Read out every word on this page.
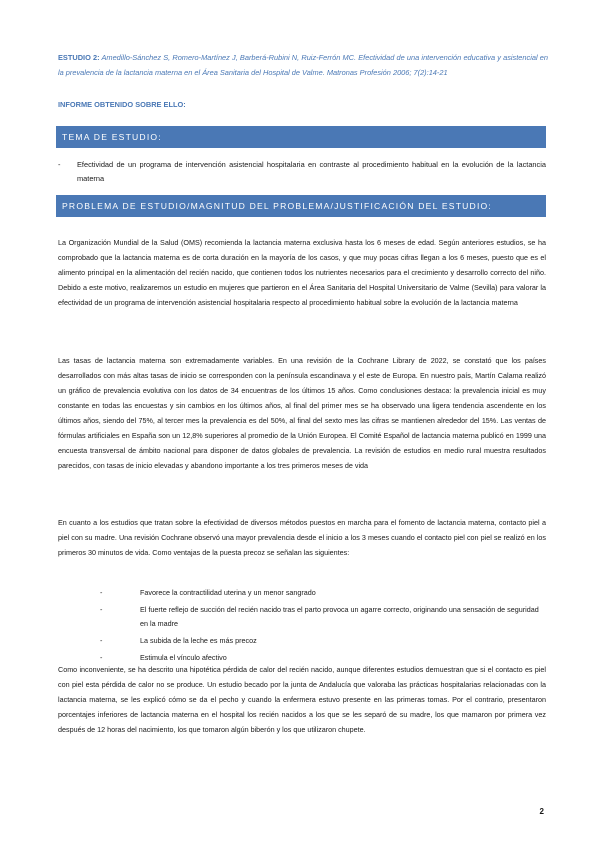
ESTUDIO 2: Amedillo-Sánchez S, Romero-Martínez J, Barberá-Rubini N, Ruiz-Ferrón MC. Efectividad de una intervención educativa y asistencial en la prevalencia de la lactancia materna en el Área Sanitaria del Hospital de Valme. Matronas Profesión 2006; 7(2):14-21
INFORME OBTENIDO SOBRE ELLO:
TEMA DE ESTUDIO:
- Efectividad de un programa de intervención asistencial hospitalaria en contraste al procedimiento habitual en la evolución de la lactancia materna
PROBLEMA DE ESTUDIO/MAGNITUD DEL PROBLEMA/JUSTIFICACIÓN DEL ESTUDIO:

La Organización Mundial de la Salud (OMS) recomienda la lactancia materna exclusiva hasta los 6 meses de edad. Según anteriores estudios, se ha comprobado que la lactancia materna es de corta duración en la mayoría de los casos, y que muy pocas cifras llegan a los 6 meses, puesto que es el alimento principal en la alimentación del recién nacido, que contienen todos los nutrientes necesarios para el crecimiento y desarrollo correcto del niño. Debido a este motivo, realizaremos un estudio en mujeres que partieron en el Área Sanitaria del Hospital Universitario de Valme (Sevilla) para valorar la efectividad de un programa de intervención asistencial hospitalaria respecto al procedimiento habitual sobre la evolución de la lactancia materna

Las tasas de lactancia materna son extremadamente variables. En una revisión de la Cochrane Library de 2022, se constató que los países desarrollados con más altas tasas de inicio se corresponden con la península escandinava y el este de Europa. En nuestro país, Martín Calama realizó un gráfico de prevalencia evolutiva con los datos de 34 encuentras de los últimos 15 años. Como conclusiones destaca: la prevalencia inicial es muy constante en todas las encuestas y sin cambios en los últimos años, al final del primer mes se ha observado una ligera tendencia ascendente en los últimos años, siendo del 75%, al tercer mes la prevalencia es del 50%, al final del sexto mes las cifras se mantienen alrededor del 15%. Las ventas de fórmulas artificiales en España son un 12,8% superiores al promedio de la Unión Europea. El Comité Español de lactancia materna publicó en 1999 una encuesta transversal de ámbito nacional para disponer de datos globales de prevalencia. La revisión de estudios en medio rural muestra resultados parecidos, con tasas de inicio elevadas y abandono importante a los tres primeros meses de vida

En cuanto a los estudios que tratan sobre la efectividad de diversos métodos puestos en marcha para el fomento de lactancia materna, contacto piel a piel con su madre. Una revisión Cochrane observó una mayor prevalencia desde el inicio a los 3 meses cuando el contacto piel con piel se realizó en los primeros 30 minutos de vida. Como ventajas de la puesta precoz se señalan las siguientes:

-	Favorece la contractilidad uterina y un menor sangrado
-	El fuerte reflejo de succión del recién nacido tras el parto provoca un agarre correcto, originando una sensación de seguridad en la madre
-	La subida de la leche es más precoz
-	Estimula el vínculo afectivo

Como inconveniente, se ha descrito una hipotética pérdida de calor del recién nacido, aunque diferentes estudios demuestran que si el contacto es piel con piel esta pérdida de calor no se produce. Un estudio becado por la junta de Andalucía que valoraba las prácticas hospitalarias relacionadas con la lactancia materna, se les explicó cómo se da el pecho y cuando la enfermera estuvo presente en las primeras tomas. Por el contrario, presentaron porcentajes inferiores de lactancia materna en el hospital los recién nacidos a los que se les separó de su madre, los que mamaron por primera vez después de 12 horas del nacimiento, los que tomaron algún biberón y los que utilizaron chupete.

2
